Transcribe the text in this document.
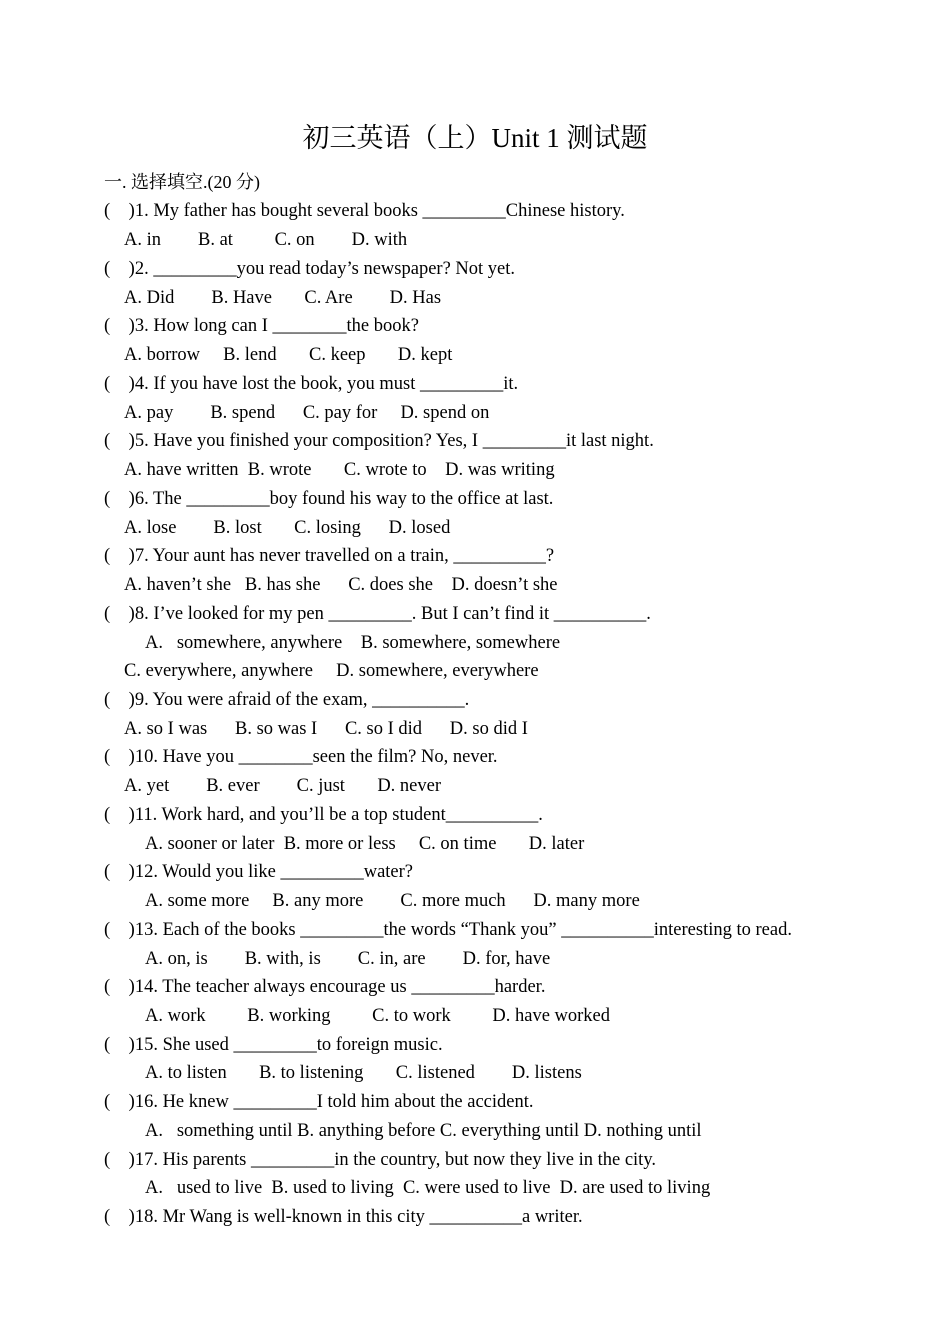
初三英语（上）Unit 1 测试题
一. 选择填空.(20 分)
(    )1. My father has bought several books _________Chinese history.
A. in        B. at         C. on        D. with
(    )2. _________you read today’s newspaper? Not yet.
A. Did        B. Have       C. Are        D. Has
(    )3. How long can I ________the book?
A. borrow     B. lend       C. keep       D. kept
(    )4. If you have lost the book, you must _________it.
A. pay        B. spend      C. pay for     D. spend on
(    )5. Have you finished your composition? Yes, I _________it last night.
A. have written  B. wrote       C. wrote to    D. was writing
(    )6. The _________boy found his way to the office at last.
A. lose        B. lost       C. losing      D. losed
(    )7. Your aunt has never travelled on a train, __________?
A. haven’t she   B. has she      C. does she    D. doesn’t she
(    )8. I’ve looked for my pen _________. But I can’t find it __________.
A.   somewhere, anywhere    B. somewhere, somewhere
C. everywhere, anywhere     D. somewhere, everywhere
(    )9. You were afraid of the exam, __________.
A. so I was      B. so was I      C. so I did      D. so did I
(    )10. Have you ________seen the film? No, never.
A. yet        B. ever        C. just       D. never
(    )11. Work hard, and you’ll be a top student__________.
A. sooner or later  B. more or less     C. on time       D. later
(    )12. Would you like _________water?
A. some more     B. any more        C. more much      D. many more
(    )13. Each of the books _________the words “Thank you” __________interesting to read.
A. on, is        B. with, is        C. in, are        D. for, have
(    )14. The teacher always encourage us _________harder.
A. work         B. working         C. to work         D. have worked
(    )15. She used _________to foreign music.
A. to listen       B. to listening       C. listened        D. listens
(    )16. He knew _________I told him about the accident.
A.   something until B. anything before C. everything until D. nothing until
(    )17. His parents _________in the country, but now they live in the city.
A.   used to live  B. used to living  C. were used to live  D. are used to living
(    )18. Mr Wang is well-known in this city __________a writer.
